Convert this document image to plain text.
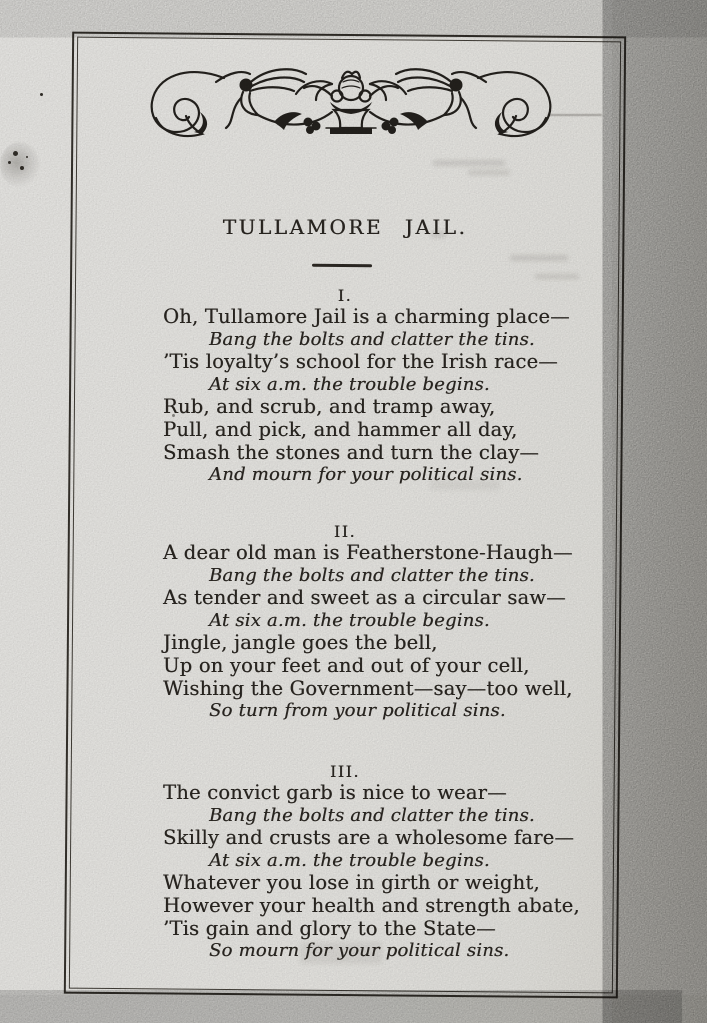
TULLAMORE JAIL.
I.
Oh, Tullamore Jail is a charming place—
Bang the bolts and clatter the tins.
’Tis loyalty’s school for the Irish race—
At six a.m. the trouble begins.
Rub, and scrub, and tramp away,
Pull, and pick, and hammer all day,
Smash the stones and turn the clay—
And mourn for your political sins.
II.
A dear old man is Featherstone-Haugh—
Bang the bolts and clatter the tins.
As tender and sweet as a circular saw—
At six a.m. the trouble begins.
Jingle, jangle goes the bell,
Up on your feet and out of your cell,
Wishing the Government—say—too well,
So turn from your political sins.
III.
The convict garb is nice to wear—
Bang the bolts and clatter the tins.
Skilly and crusts are a wholesome fare—
At six a.m. the trouble begins.
Whatever you lose in girth or weight,
However your health and strength abate,
’Tis gain and glory to the State—
So mourn for your political sins.
